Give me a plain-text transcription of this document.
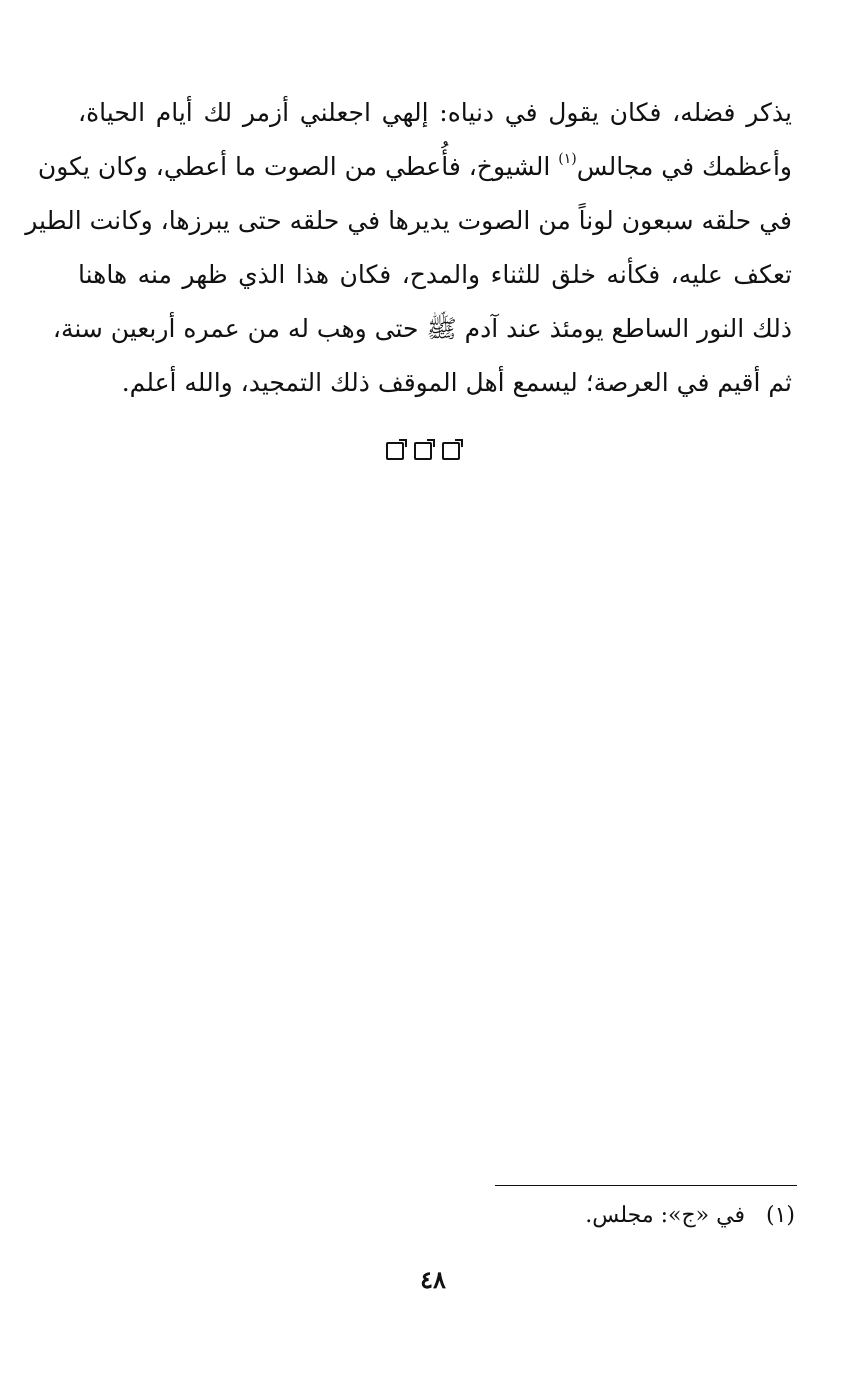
يذكر فضله، فكان يقول في دنياه: إلهي اجعلني أزمر لك أيام الحياة،
وأعظمك في مجالس$^{(١)}$ الشيوخ، فأُعطي من الصوت ما أعطي، وكان يكون
في حلقه سبعون لوناً من الصوت يديرها في حلقه حتى يبرزها، وكانت الطير
تعكف عليه، فكأنه خلق للثناء والمدح، فكان هذا الذي ظهر منه هاهنا
ذلك النور الساطع يومئذ عند آدم ﷺ حتى وهب له من عمره أربعين سنة،
ثم أقيم في العرصة؛ ليسمع أهل الموقف ذلك التمجيد، والله أعلم.
(١)   في «ج»: مجلس.
٤٨
